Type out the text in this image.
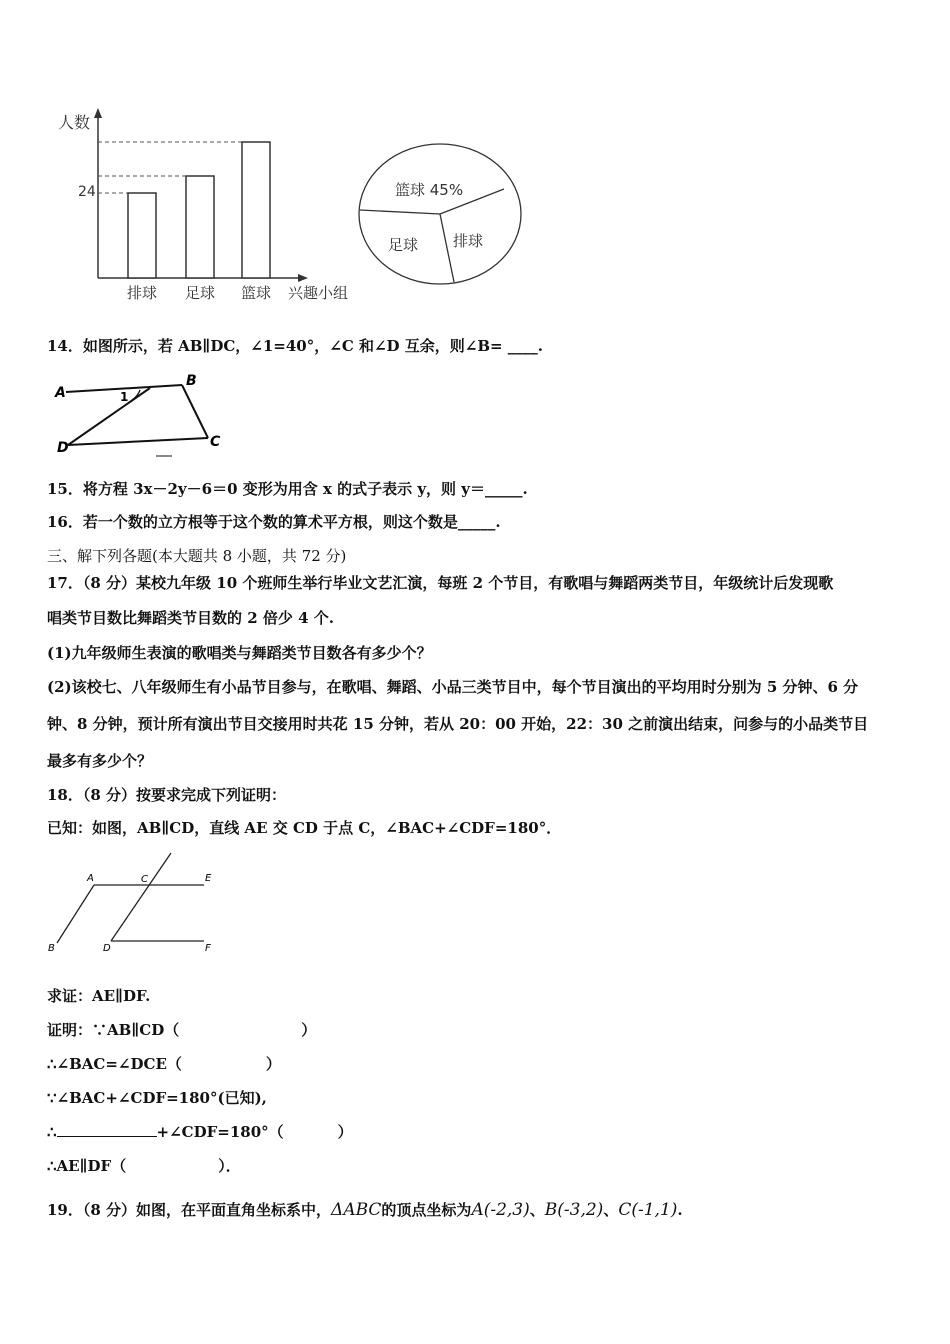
人数
兴趣小组
24
排球 足球 篮球
篮球 45%
排球
足球
14．如图所示，若 AB∥DC，∠1=40°，∠C 和∠D 互余，则∠B= ____.
A
B
C
D
1
15．将方程 3x－2y－6＝0 变形为用含 x 的式子表示 y，则 y＝_____.
16．若一个数的立方根等于这个数的算术平方根，则这个数是_____.
三、解下列各题(本大题共 8 小题，共 72 分)
17．（8 分）某校九年级 10 个班师生举行毕业文艺汇演，每班 2 个节目，有歌唱与舞蹈两类节目，年级统计后发现歌
唱类节目数比舞蹈类节目数的 2 倍少 4 个.
(1)九年级师生表演的歌唱类与舞蹈类节目数各有多少个？
(2)该校七、八年级师生有小品节目参与，在歌唱、舞蹈、小品三类节目中，每个节目演出的平均用时分别为 5 分钟、6 分
钟、8 分钟，预计所有演出节目交接用时共花 15 分钟，若从 20：00 开始，22：30 之前演出结束，问参与的小品类节目
最多有多少个？
18．（8 分）按要求完成下列证明：
已知：如图，AB∥CD，直线 AE 交 CD 于点 C，∠BAC+∠CDF=180°．
A	C	E
B	D	F
求证：AE∥DF.
证明：∵AB∥CD（	）
∴∠BAC=∠DCE（	）
∵∠BAC+∠CDF=180°(已知),
∴	+∠CDF=180°（	）
∴AE∥DF（	）．
19．（8 分）如图，在平面直角坐标系中，ΔABC的顶点坐标为A(-2,3)、B(-3,2)、C(-1,1).
